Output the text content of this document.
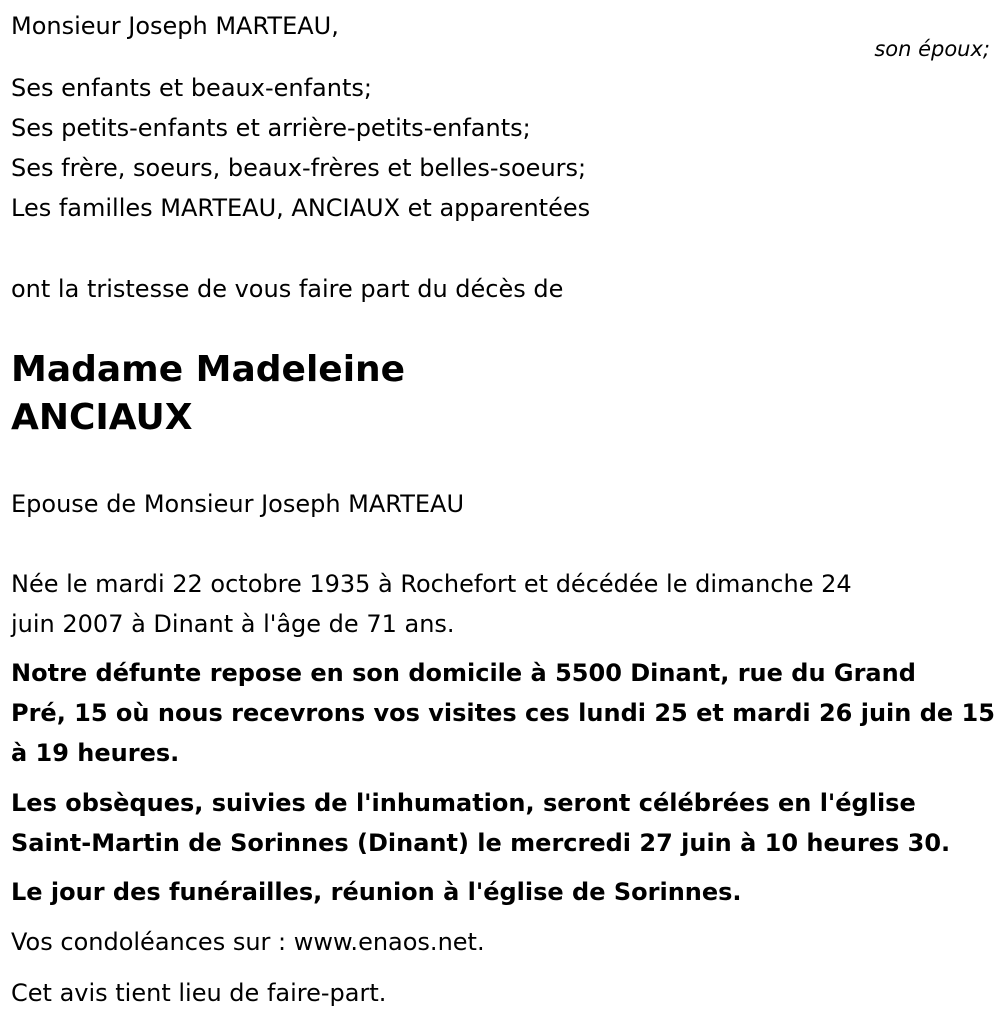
Monsieur Joseph MARTEAU,

son époux;

Ses enfants et beaux-enfants;

Ses petits-enfants et arrière-petits-enfants;

Ses frère, soeurs, beaux-frères et belles-soeurs;

Les familles MARTEAU, ANCIAUX et apparentées

ont la tristesse de vous faire part du décès de

Madame Madeleine

ANCIAUX

Epouse de Monsieur Joseph MARTEAU

Née le mardi 22 octobre 1935 à Rochefort et décédée le dimanche 24

juin 2007 à Dinant à l'âge de 71 ans.

Notre défunte repose en son domicile à 5500 Dinant, rue du Grand

Pré, 15 où nous recevrons vos visites ces lundi 25 et mardi 26 juin de 15

à 19 heures.

Les obsèques, suivies de l'inhumation, seront célébrées en l'église

Saint-Martin de Sorinnes (Dinant) le mercredi 27 juin à 10 heures 30.

Le jour des funérailles, réunion à l'église de Sorinnes.

Vos condoléances sur : www.enaos.net.

Cet avis tient lieu de faire-part.
